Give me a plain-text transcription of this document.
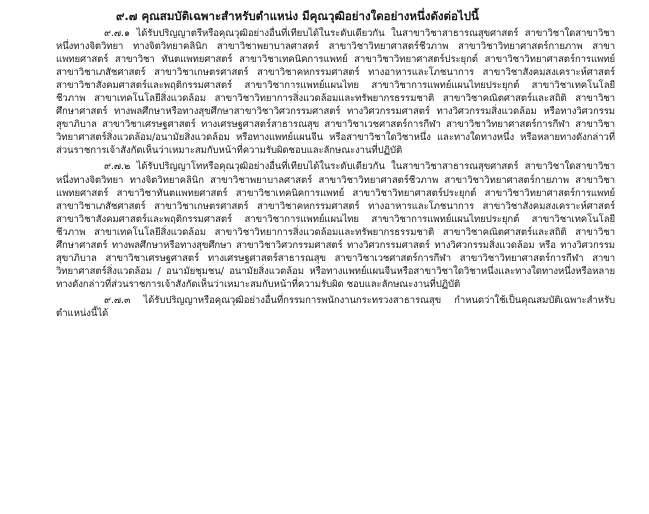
๙.๗ คุณสมบัติเฉพาะสำหรับตำแหน่ง มีคุณวุฒิอย่างใดอย่างหนึ่งดังต่อไปนี้

๙.๗.๑ ได้รับปริญญาตรีหรือคุณวุฒิอย่างอื่นที่เทียบได้ในระดับเดียวกัน ในสาขาวิชาสาธารณสุขศาสตร์ สาขาวิชาใดสาขาวิชาหนึ่งทางจิตวิทยา ทางจิตวิทยาคลินิก สาขาวิชาพยาบาลศาสตร์ สาขาวิชาวิทยาศาสตร์ชีวภาพ สาขาวิชาวิทยาศาสตร์กายภาพ สาขาแพทยศาสตร์ สาขาวิชา ทันตแพทยศาสตร์ สาขาวิชาเทคนิคการแพทย์ สาขาวิชาวิทยาศาสตร์ประยุกต์ สาขาวิชาวิทยาศาสตร์การแพทย์ สาขาวิชาเภสัชศาสตร์ สาขาวิชาเกษตรศาสตร์ สาขาวิชาคหกรรมศาสตร์ ทางอาหารและโภชนาการ สาขาวิชาสังคมสงเคราะห์ศาสตร์ สาขาวิชาสังคมศาสตร์และพฤติกรรมศาสตร์ สาขาวิชาการแพทย์แผนไทย สาขาวิชาการแพทย์แผนไทยประยุกต์ สาขาวิชาเทคโนโลยีชีวภาพ สาขาเทคโนโลยีสิ่งแวดล้อม สาขาวิชาวิทยาการสิ่งแวดล้อมและทรัพยากรธรรมชาติ สาขาวิชาคณิตศาสตร์และสถิติ สาขาวิชาศึกษาศาสตร์ ทางพลศึกษาหรือทางสุขศึกษาสาขาวิชาวิศวกรรมศาสตร์ ทางวิศวกรรมศาสตร์ ทางวิศวกรรมสิ่งแวดล้อม หรือทางวิศวกรรมสุขาภิบาล สาขาวิชาเศรษฐศาสตร์ ทางเศรษฐศาสตร์สาธารณสุข สาขาวิชาเวชศาสตร์การกีฬา สาขาวิชาวิทยาศาสตร์การกีฬา สาขาวิชาวิทยาศาสตร์สิ่งแวดล้อม/อนามัยสิ่งแวดล้อม หรือทางแพทย์แผนจีน หรือสาขาวิชาใดวิชาหนึ่ง และทางใดทางหนึ่ง หรือหลายทางดังกล่าวที่ส่วนราชการเจ้าสังกัดเห็นว่าเหมาะสมกับหน้าที่ความรับผิดชอบและลักษณะงานที่ปฏิบัติ

๙.๗.๒ ได้รับปริญญาโทหรือคุณวุฒิอย่างอื่นที่เทียบได้ในระดับเดียวกัน ในสาขาวิชาสาธารณสุขศาสตร์ สาขาวิชาใดสาขาวิชาหนึ่งทางจิตวิทยา ทางจิตวิทยาคลินิก สาขาวิชาพยาบาลศาสตร์ สาขาวิชาวิทยาศาสตร์ชีวภาพ สาขาวิชาวิทยาศาสตร์กายภาพ สาขาวิชาแพทยศาสตร์ สาขาวิชาทันตแพทยศาสตร์ สาขาวิชาเทคนิคการแพทย์ สาขาวิชาวิทยาศาสตร์ประยุกต์ สาขาวิชาวิทยาศาสตร์การแพทย์ สาขาวิชาเภสัชศาสตร์ สาขาวิชาเกษตรศาสตร์ สาขาวิชาคหกรรมศาสตร์ ทางอาหารและโภชนาการ สาขาวิชาสังคมสงเคราะห์ศาสตร์ สาขาวิชาสังคมศาสตร์และพฤติกรรมศาสตร์ สาขาวิชาการแพทย์แผนไทย สาขาวิชาการแพทย์แผนไทยประยุกต์ สาขาวิชาเทคโนโลยีชีวภาพ สาขาเทคโนโลยีสิ่งแวดล้อม สาขาวิชาวิทยาการสิ่งแวดล้อมและทรัพยากรธรรมชาติ สาขาวิชาคณิตศาสตร์และสถิติ สาขาวิชาศึกษาศาสตร์ ทางพลศึกษาหรือทางสุขศึกษา สาขาวิชาวิศวกรรมศาสตร์ ทางวิศวกรรมศาสตร์ ทางวิศวกรรมสิ่งแวดล้อม หรือ ทางวิศวกรรมสุขาภิบาล สาขาวิชาเศรษฐศาสตร์ ทางเศรษฐศาสตร์สาธารณสุข สาขาวิชาเวชศาสตร์การกีฬา สาขาวิชาวิทยาศาสตร์การกีฬา สาขาวิทยาศาสตร์สิ่งแวดล้อม / อนามัยชุมชน/ อนามัยสิ่งแวดล้อม หรือทางแพทย์แผนจีนหรือสาขาวิชาใดวิชาหนึ่งและทางใดทางหนึ่งหรือหลายทางดังกล่าวที่ส่วนราชการเจ้าสังกัดเห็นว่าเหมาะสมกับหน้าที่ความรับผิด ชอบและลักษณะงานที่ปฏิบัติ

๙.๗.๓ ได้รับปริญญาหรือคุณวุฒิอย่างอื่นที่กรรมการพนักงานกระทรวงสาธารณสุข กำหนดว่าใช้เป็นคุณสมบัติเฉพาะสำหรับตำแหน่งนี้ได้
